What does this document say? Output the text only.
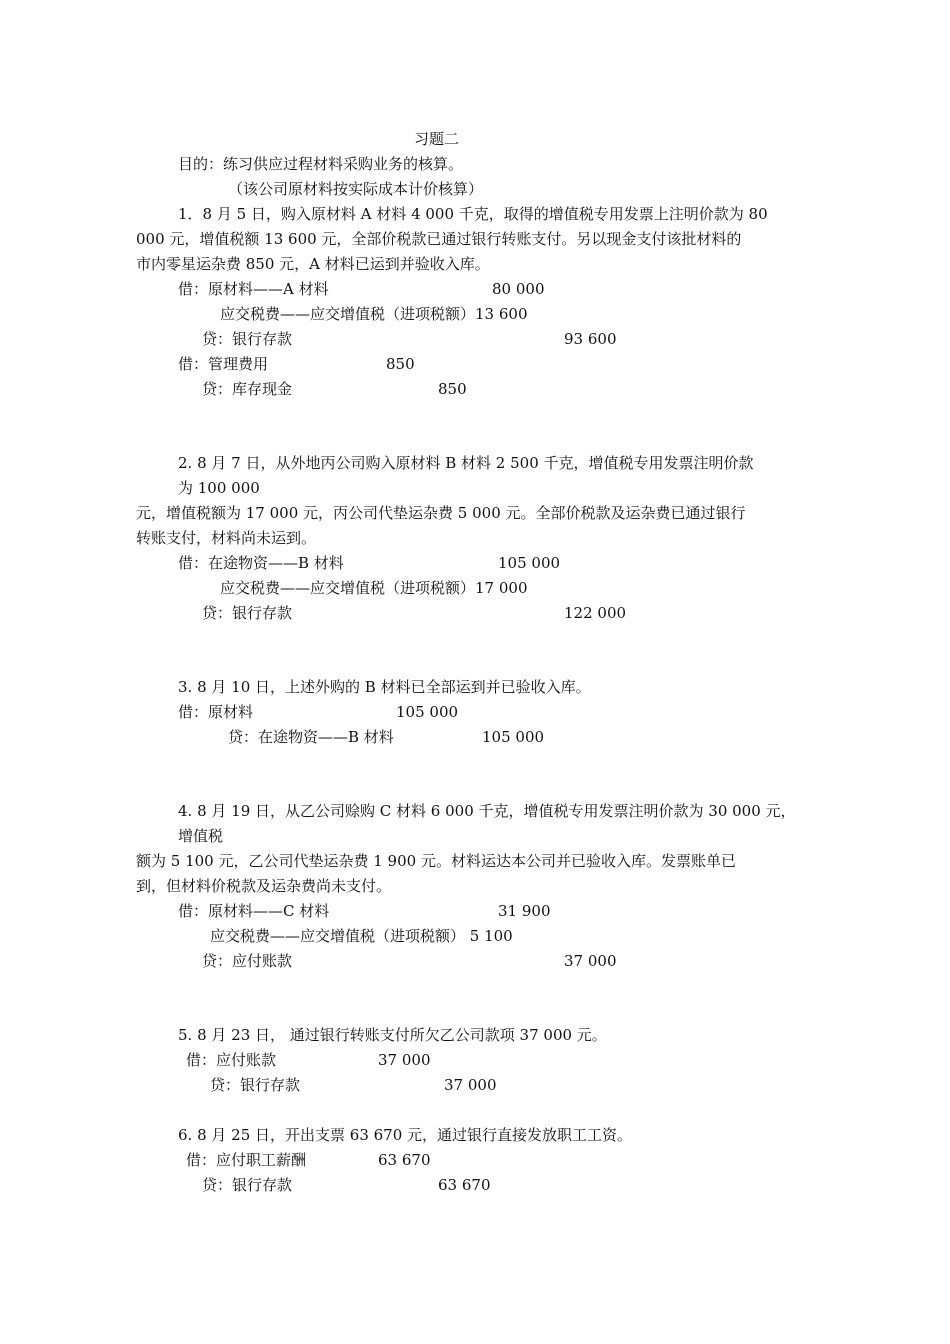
习题二
目的：练习供应过程材料采购业务的核算。
（该公司原材料按实际成本计价核算）
1．8 月 5 日，购入原材料 A 材料 4 000 千克，取得的增值税专用发票上注明价款为 80
000 元，增值税额 13 600 元，全部价税款已通过银行转账支付。另以现金支付该批材料的
市内零星运杂费 850 元，A 材料已运到并验收入库。
借：原材料——A 材料	80 000
应交税费——应交增值税（进项税额）13 600
贷：银行存款	93 600
借：管理费用	850
贷：库存现金	850
2. 8 月 7 日，从外地丙公司购入原材料 B 材料 2 500 千克，增值税专用发票注明价款
为 100 000
元，增值税额为 17 000 元，丙公司代垫运杂费 5 000 元。全部价税款及运杂费已通过银行
转账支付，材料尚未运到。
借：在途物资——B 材料	105 000
应交税费——应交增值税（进项税额）17 000
贷：银行存款	122 000
3. 8 月 10 日，上述外购的 B 材料已全部运到并已验收入库。
借：原材料	105 000
贷：在途物资——B 材料	105 000
4. 8 月 19 日，从乙公司赊购 C 材料 6 000 千克，增值税专用发票注明价款为 30 000 元，
增值税
额为 5 100 元，乙公司代垫运杂费 1 900 元。材料运达本公司并已验收入库。发票账单已
到，但材料价税款及运杂费尚未支付。
借：原材料——C 材料	31 900
应交税费——应交增值税（进项税额） 5 100
贷：应付账款	37 000
5. 8 月 23 日， 通过银行转账支付所欠乙公司款项 37 000 元。
借：应付账款	37 000
贷：银行存款	37 000
6. 8 月 25 日，开出支票 63 670 元，通过银行直接发放职工工资。
借：应付职工薪酬	63 670
贷：银行存款	63 670
